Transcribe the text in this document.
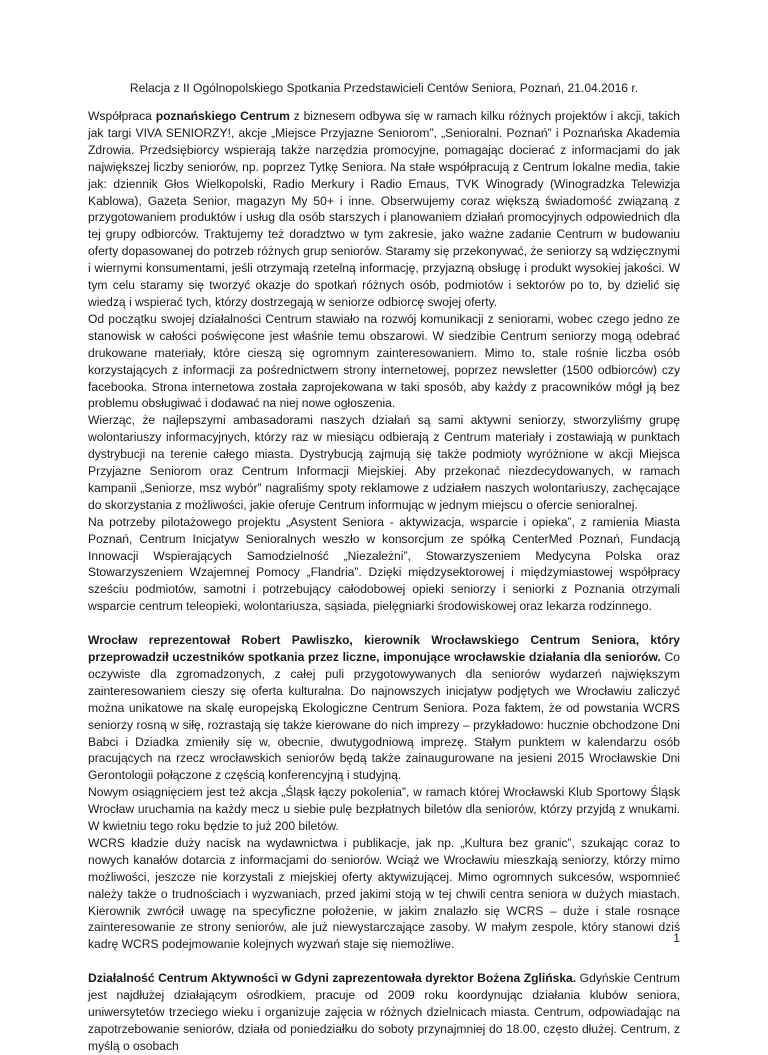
Relacja z II Ogólnopolskiego Spotkania Przedstawicieli Centów Seniora, Poznań, 21.04.2016 r.

Współpraca poznańskiego Centrum z biznesem odbywa się w ramach kilku różnych projektów i akcji, takich jak targi VIVA SENIORZY!, akcje „Miejsce Przyjazne Seniorom”, „Senioralni. Poznań” i Poznańska Akademia Zdrowia. Przedsiębiorcy wspierają także narzędzia promocyjne, pomagając docierać z informacjami do jak największej liczby seniorów, np. poprzez Tytkę Seniora. Na stałe współpracują z Centrum lokalne media, takie jak: dziennik Głos Wielkopolski, Radio Merkury i Radio Emaus, TVK Winogrady (Winogradzka Telewizja Kablowa), Gazeta Senior, magazyn My 50+ i inne. Obserwujemy coraz większą świadomość związaną z przygotowaniem produktów i usług dla osób starszych i planowaniem działań promocyjnych odpowiednich dla tej grupy odbiorców. Traktujemy też doradztwo w tym zakresie, jako ważne zadanie Centrum w budowaniu oferty dopasowanej do potrzeb różnych grup seniorów. Staramy się przekonywać, że seniorzy są wdzięcznymi i wiernymi konsumentami, jeśli otrzymają rzetelną informację, przyjazną obsługę i produkt wysokiej jakości. W tym celu staramy się tworzyć okazje do spotkań różnych osób, podmiotów i sektorów po to, by dzielić się wiedzą i wspierać tych, którzy dostrzegają w seniorze odbiorcę swojej oferty.

Od początku swojej działalności Centrum stawiało na rozwój komunikacji z seniorami, wobec czego jedno ze stanowisk w całości poświęcone jest właśnie temu obszarowi. W siedzibie Centrum seniorzy mogą odebrać drukowane materiały, które cieszą się ogromnym zainteresowaniem. Mimo to, stale rośnie liczba osób korzystających z informacji za pośrednictwem strony internetowej, poprzez newsletter (1500 odbiorców) czy facebooka. Strona internetowa została zaprojekowana w taki sposób, aby każdy z pracowników mógł ją bez problemu obsługiwać i dodawać na niej nowe ogłoszenia.

Wierząc, że najlepszymi ambasadorami naszych działań są sami aktywni seniorzy, stworzyliśmy grupę wolontariuszy informacyjnych, którzy raz w miesiącu odbierają z Centrum materiały i zostawiają w punktach dystrybucji na terenie całego miasta. Dystrybucją zajmują się także podmioty wyróżnione w akcji Miejsca Przyjazne Seniorom oraz Centrum Informacji Miejskiej. Aby przekonać niezdecydowanych, w ramach kampanii „Seniorze, msz wybór” nagraliśmy spoty reklamowe z udziałem naszych wolontariuszy, zachęcające do skorzystania z możliwości, jakie oferuje Centrum informując w jednym miejscu o ofercie senioralnej.

Na potrzeby pilotażowego projektu „Asystent Seniora - aktywizacja, wsparcie i opieka”, z ramienia Miasta Poznań, Centrum Inicjatyw Senioralnych weszło w konsorcjum ze spółką CenterMed Poznań, Fundacją Innowacji Wspierających Samodzielność „Niezależni”, Stowarzyszeniem Medycyna Polska oraz Stowarzyszeniem Wzajemnej Pomocy „Flandria”. Dzięki międzysektorowej i międzymiastowej współpracy sześciu podmiotów, samotni i potrzebujący całodobowej opieki seniorzy i seniorki z Poznania otrzymali wsparcie centrum teleopieki, wolontariusza, sąsiada, pielęgniarki środowiskowej oraz lekarza rodzinnego.

Wrocław reprezentował Robert Pawliszko, kierownik Wrocławskiego Centrum Seniora, który przeprowadził uczestników spotkania przez liczne, imponujące wrocławskie działania dla seniorów. Co oczywiste dla zgromadzonych, z całej puli przygotowywanych dla seniorów wydarzeń największym zainteresowaniem cieszy się oferta kulturalna. Do najnowszych inicjatyw podjętych we Wrocławiu zaliczyć można unikatowe na skalę europejską Ekologiczne Centrum Seniora. Poza faktem, że od powstania WCRS seniorzy rosną w siłę, rozrastają się także kierowane do nich imprezy – przykładowo: hucznie obchodzone Dni Babci i Dziadka zmieniły się w, obecnie, dwutygodniową imprezę. Stałym punktem w kalendarzu osób pracujących na rzecz wrocławskich seniorów będą także zainaugurowane na jesieni 2015 Wrocławskie Dni Gerontologii połączone z częścią konferencyjną i studyjną.

Nowym osiągnięciem jest też akcja „Śląsk łączy pokolenia”, w ramach której Wrocławski Klub Sportowy Śląsk Wrocław uruchamia na każdy mecz u siebie pulę bezpłatnych biletów dla seniorów, którzy przyjdą z wnukami. W kwietniu tego roku będzie to już 200 biletów.

WCRS kładzie duży nacisk na wydawnictwa i publikacje, jak np. „Kultura bez granic”, szukając coraz to nowych kanałów dotarcia z informacjami do seniorów. Wciąż we Wrocławiu mieszkają seniorzy, którzy mimo możliwości, jeszcze nie korzystali z miejskiej oferty aktywizującej. Mimo ogromnych sukcesów, wspomnieć należy także o trudnościach i wyzwaniach, przed jakimi stoją w tej chwili centra seniora w dużych miastach. Kierownik zwrócił uwagę na specyficzne położenie, w jakim znalazło się WCRS – duże i stale rosnące zainteresowanie ze strony seniorów, ale już niewystarczające zasoby. W małym zespole, który stanowi dziś kadrę WCRS podejmowanie kolejnych wyzwań staje się niemożliwe.

Działalność Centrum Aktywności w Gdyni zaprezentowała dyrektor Bożena Zglińska. Gdyńskie Centrum jest najdłużej działającym ośrodkiem, pracuje od 2009 roku koordynując działania klubów seniora, uniwersytetów trzeciego wieku i organizuje zajęcia w różnych dzielnicach miasta. Centrum, odpowiadając na zapotrzebowanie seniorów, działa od poniedziałku do soboty przynajmniej do 18.00, często dłużej. Centrum, z myślą o osobach

1
